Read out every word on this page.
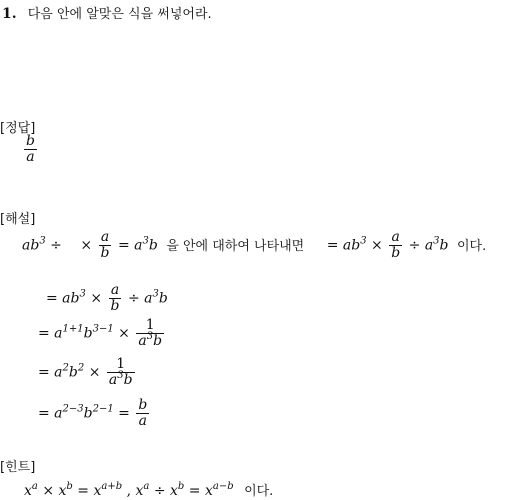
1. 다음 안에 알맞은 식을 써넣어라.
[정답]
$\frac{b}{a}$
[해설]
$ab^3$ ÷ × $\frac{a}{b} = a^3b$ 을 안에 대하여 나타내면 = $ab^3 \times \frac{a}{b} \div a^3b$ 이다.
= $ab^3 \times \frac{a}{b} \div a^3b$
= $a^{1+1}b^{3-1} \times \frac{1}{a^3b}$
= $a^2b^2 \times \frac{1}{a^3b}$
= $a^{2-3}b^{2-1} = \frac{b}{a}$
[힌트]
$x^a \times x^b = x^{a+b}$ , $x^a \div x^b = x^{a-b}$ 이다.
